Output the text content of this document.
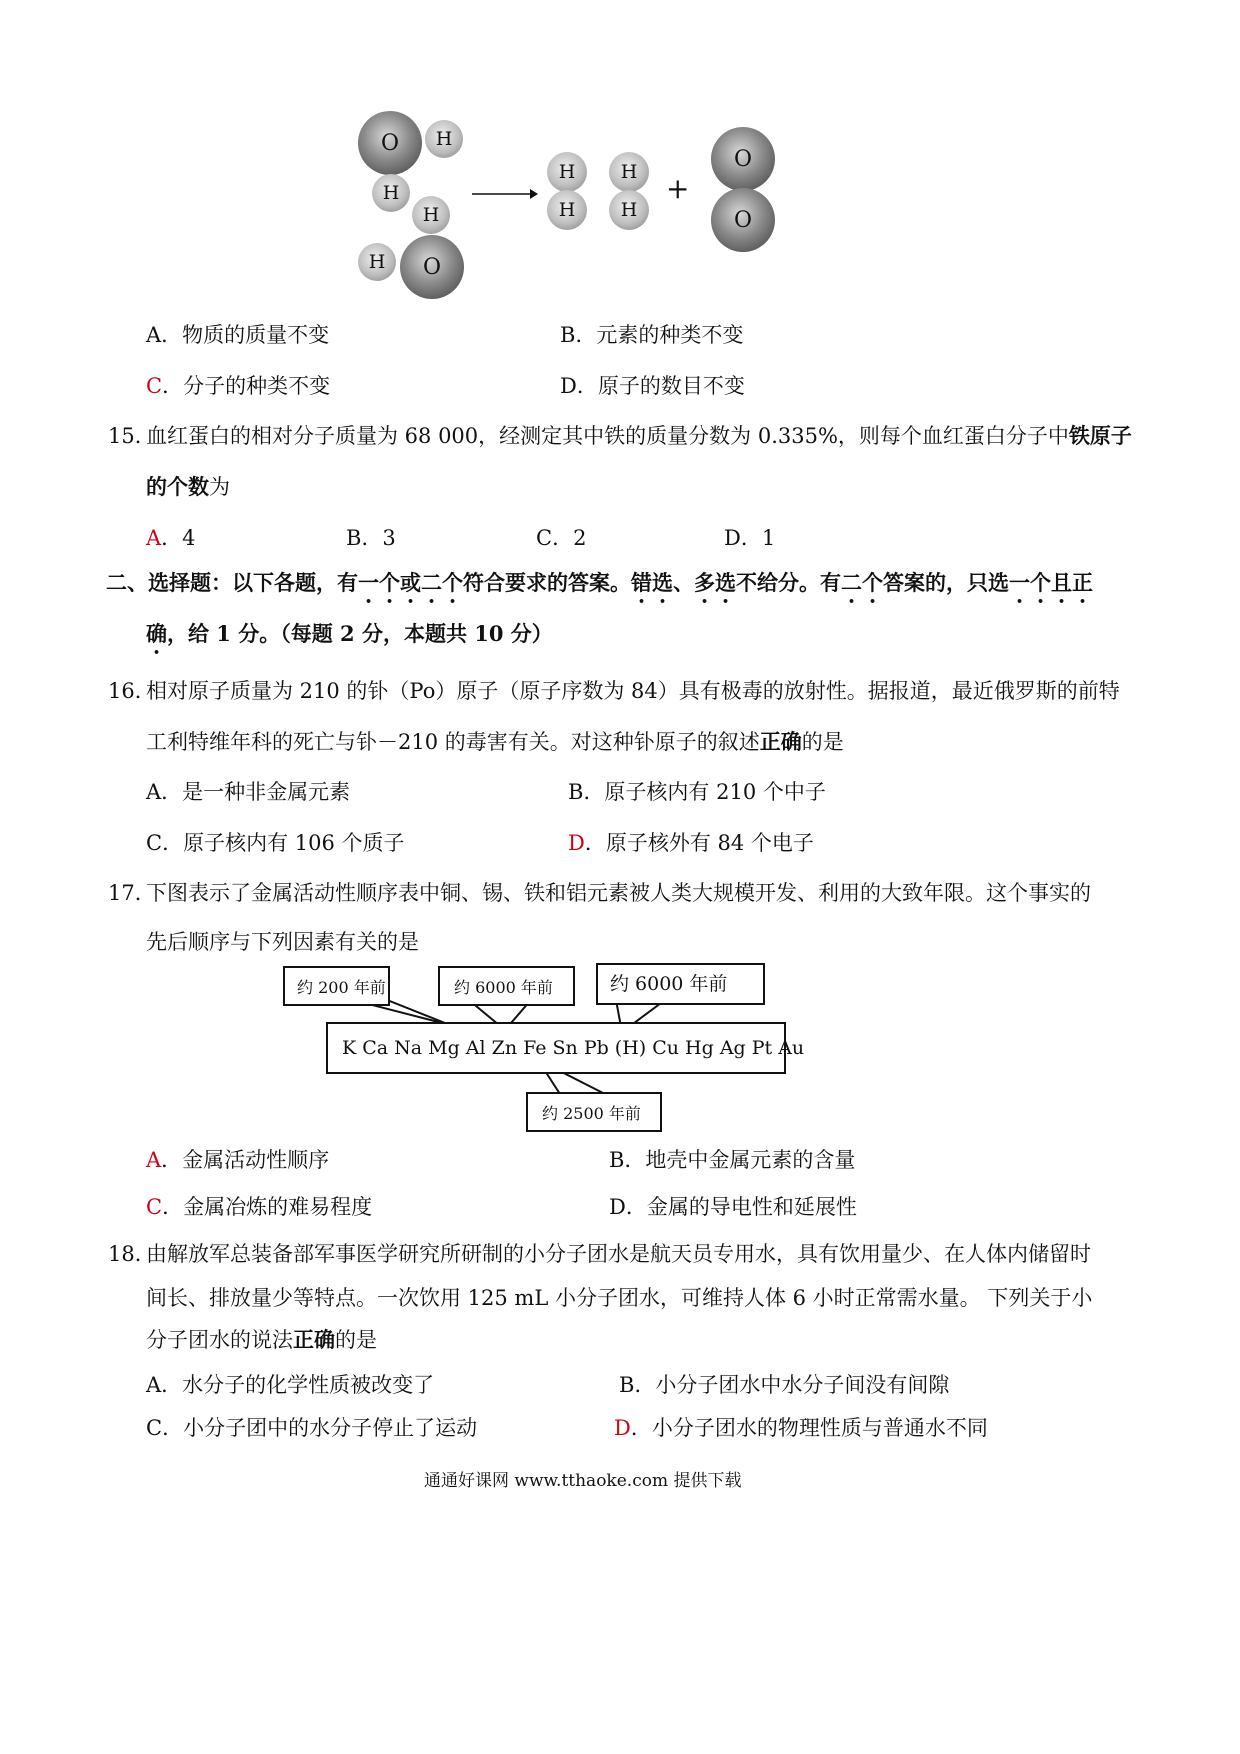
O H
H
H
H
O
H
H
H
H
+
O
O
A．物质的质量不变	B．元素的种类不变
C．分子的种类不变	D．原子的数目不变
15．
血红蛋白的相对分子质量为 68 000，经测定其中铁的质量分数为 0.335%，则每个血红蛋白分子中铁原子
的个数为
A．4	B．3	C．2	D．1
二、选择题：以下各题，有一个或二个符合要求的答案。错选、多选不给分。有二个答案的，只选一个且正
确，给 1 分。（每题 2 分，本题共 10 分）
16．
相对原子质量为 210 的钋（Po）原子（原子序数为 84）具有极毒的放射性。据报道，最近俄罗斯的前特
工利特维年科的死亡与钋－210 的毒害有关。对这种钋原子的叙述正确的是
A．是一种非金属元素	B．原子核内有 210 个中子
C．原子核内有 106 个质子	D．原子核外有 84 个电子
17．
下图表示了金属活动性顺序表中铜、锡、铁和铝元素被人类大规模开发、利用的大致年限。这个事实的
先后顺序与下列因素有关的是
K Ca Na Mg Al Zn Fe Sn Pb (H) Cu Hg Ag Pt Au
约 200 年前	约 6000 年前	约 6000 年前
约 2500 年前
A．金属活动性顺序	B．地壳中金属元素的含量
C．金属冶炼的难易程度	D．金属的导电性和延展性
18．
由解放军总装备部军事医学研究所研制的小分子团水是航天员专用水，具有饮用量少、在人体内储留时
间长、排放量少等特点。一次饮用 125 mL 小分子团水，可维持人体 6 小时正常需水量。 下列关于小
分子团水的说法正确的是
A．水分子的化学性质被改变了	B．小分子团水中水分子间没有间隙
C．小分子团中的水分子停止了运动	D．小分子团水的物理性质与普通水不同
通通好课网 www.tthaoke.com 提供下载
